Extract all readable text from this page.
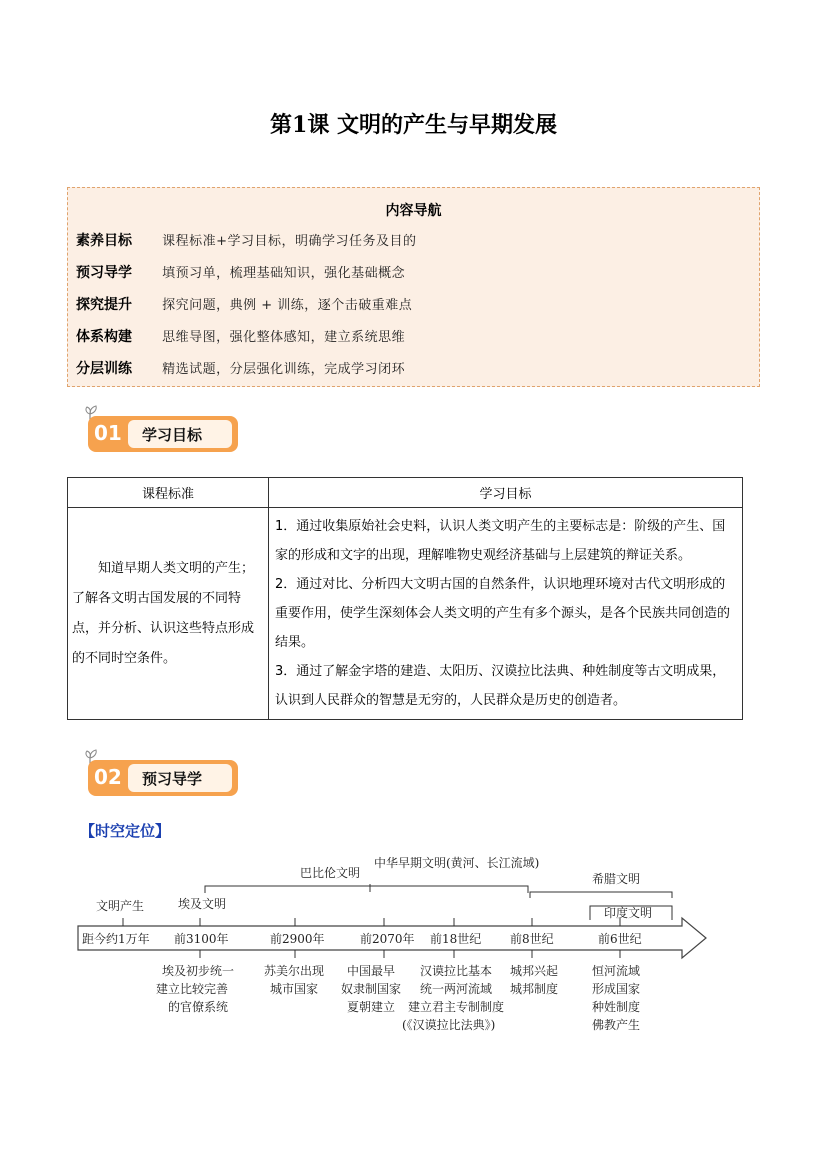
第1课 文明的产生与早期发展
内容导航
素养目标 课程标准+学习目标，明确学习任务及目的
预习导学 填预习单，梳理基础知识，强化基础概念
探究提升 探究问题，典例 + 训练，逐个击破重难点
体系构建 思维导图，强化整体感知，建立系统思维
分层训练 精选试题，分层强化训练，完成学习闭环
01 学习目标
课程标准	学习目标
知道早期人类文明的产生；了解各文明古国发展的不同特点，并分析、认识这些特点形成的不同时空条件。	1．通过收集原始社会史料，认识人类文明产生的主要标志是：阶级的产生、国家的形成和文字的出现，理解唯物史观经济基础与上层建筑的辩证关系。

2．通过对比、分析四大文明古国的自然条件，认识地理环境对古代文明形成的重要作用，使学生深刻体会人类文明的产生有多个源头，是各个民族共同创造的结果。

3．通过了解金字塔的建造、太阳历、汉谟拉比法典、种姓制度等古文明成果，认识到人民群众的智慧是无穷的，人民群众是历史的创造者。

02 预习导学
【时空定位】
巴比伦文明
中华早期文明(黄河、长江流域)
希腊文明
印度文明
文明产生	埃及文明
距今约1万年 前3100年	前2900年	前2070年 前18世纪 前8世纪	前6世纪
埃及初步统一
建立比较完善
的官僚系统
苏美尔出现
城市国家
中国最早
奴隶制国家
夏朝建立
汉谟拉比基本
统一两河流域
建立君主专制制度
(《汉谟拉比法典》)
城邦兴起
城邦制度
恒河流域
形成国家
种姓制度
佛教产生
